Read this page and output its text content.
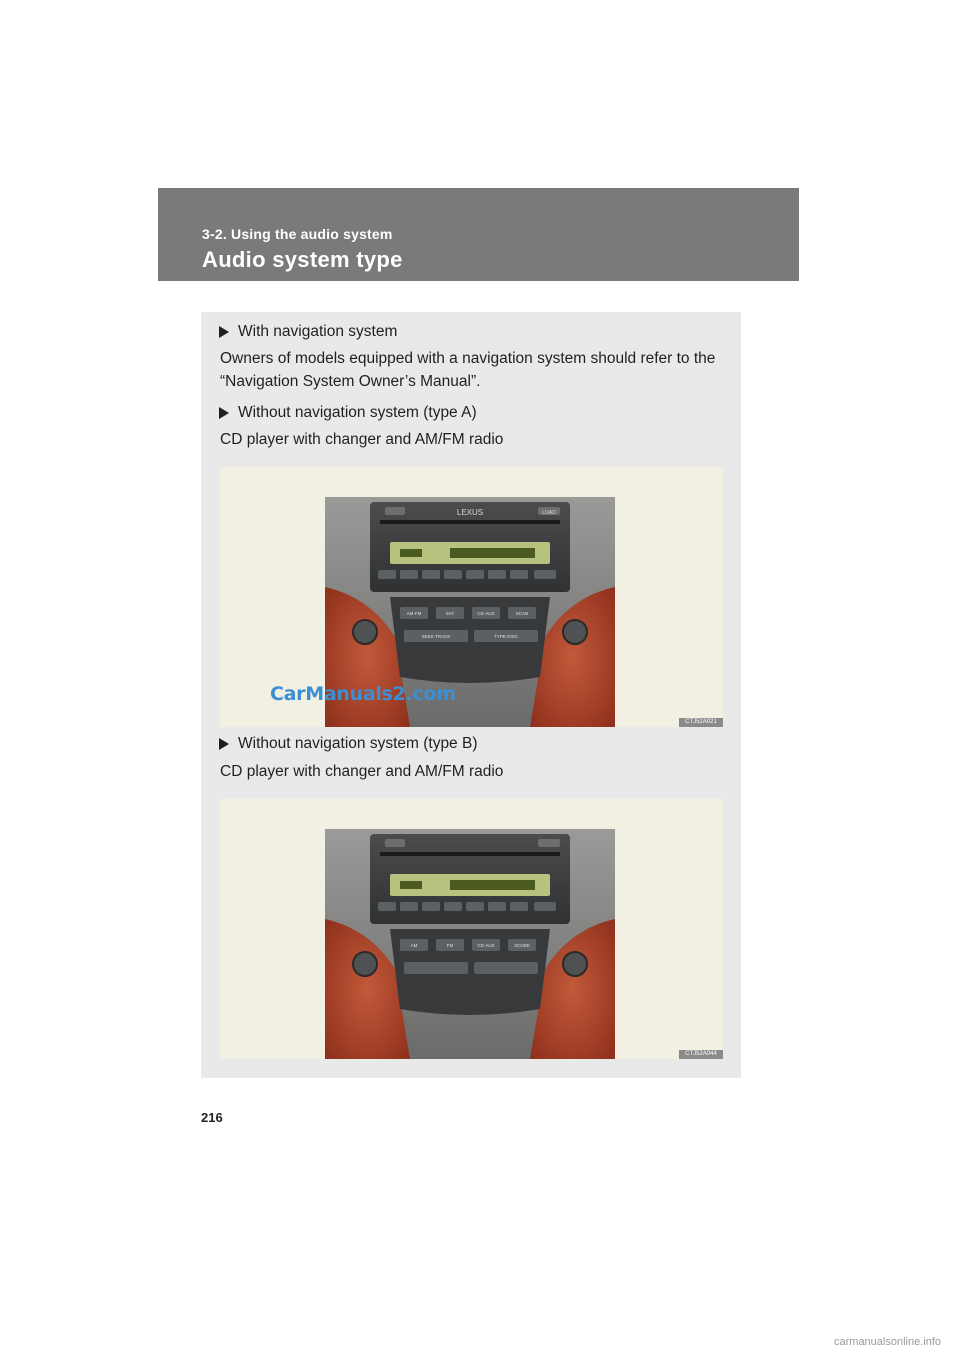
3-2. Using the audio system
Audio system type
With navigation system
Owners of models equipped with a navigation system should refer to the “Navigation System Owner’s Manual”.
Without navigation system (type A)
CD player with changer and AM/FM radio
LEXUS	LOAD
AM·FM	SAT	CD·AUX	SCAN
SEEK·TRACK	TYPE·DISC
CarManuals2.com
CTJ52A021
Without navigation system (type B)
CD player with changer and AM/FM radio
AM	FM	CD·AUX	XCHDE
CTJ52A044
216
carmanualsonline.info
